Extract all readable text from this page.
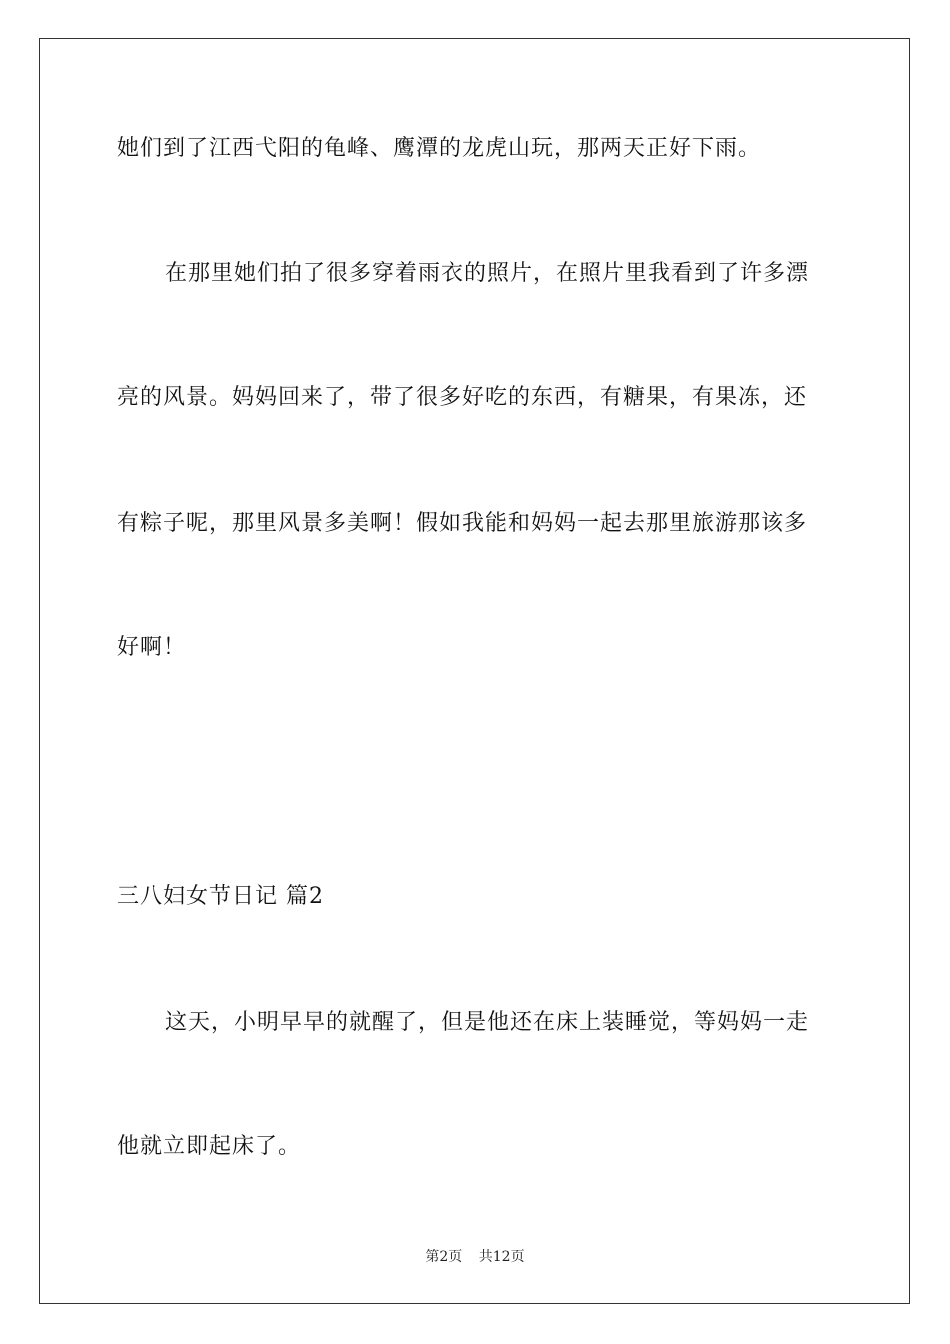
她们到了江西弋阳的龟峰、鹰潭的龙虎山玩，那两天正好下雨。
在那里她们拍了很多穿着雨衣的照片，在照片里我看到了许多漂
亮的风景。妈妈回来了，带了很多好吃的东西，有糖果，有果冻，还
有粽子呢，那里风景多美啊！假如我能和妈妈一起去那里旅游那该多
好啊！
三八妇女节日记 篇2
这天，小明早早的就醒了，但是他还在床上装睡觉，等妈妈一走
他就立即起床了。
第2页 共12页
